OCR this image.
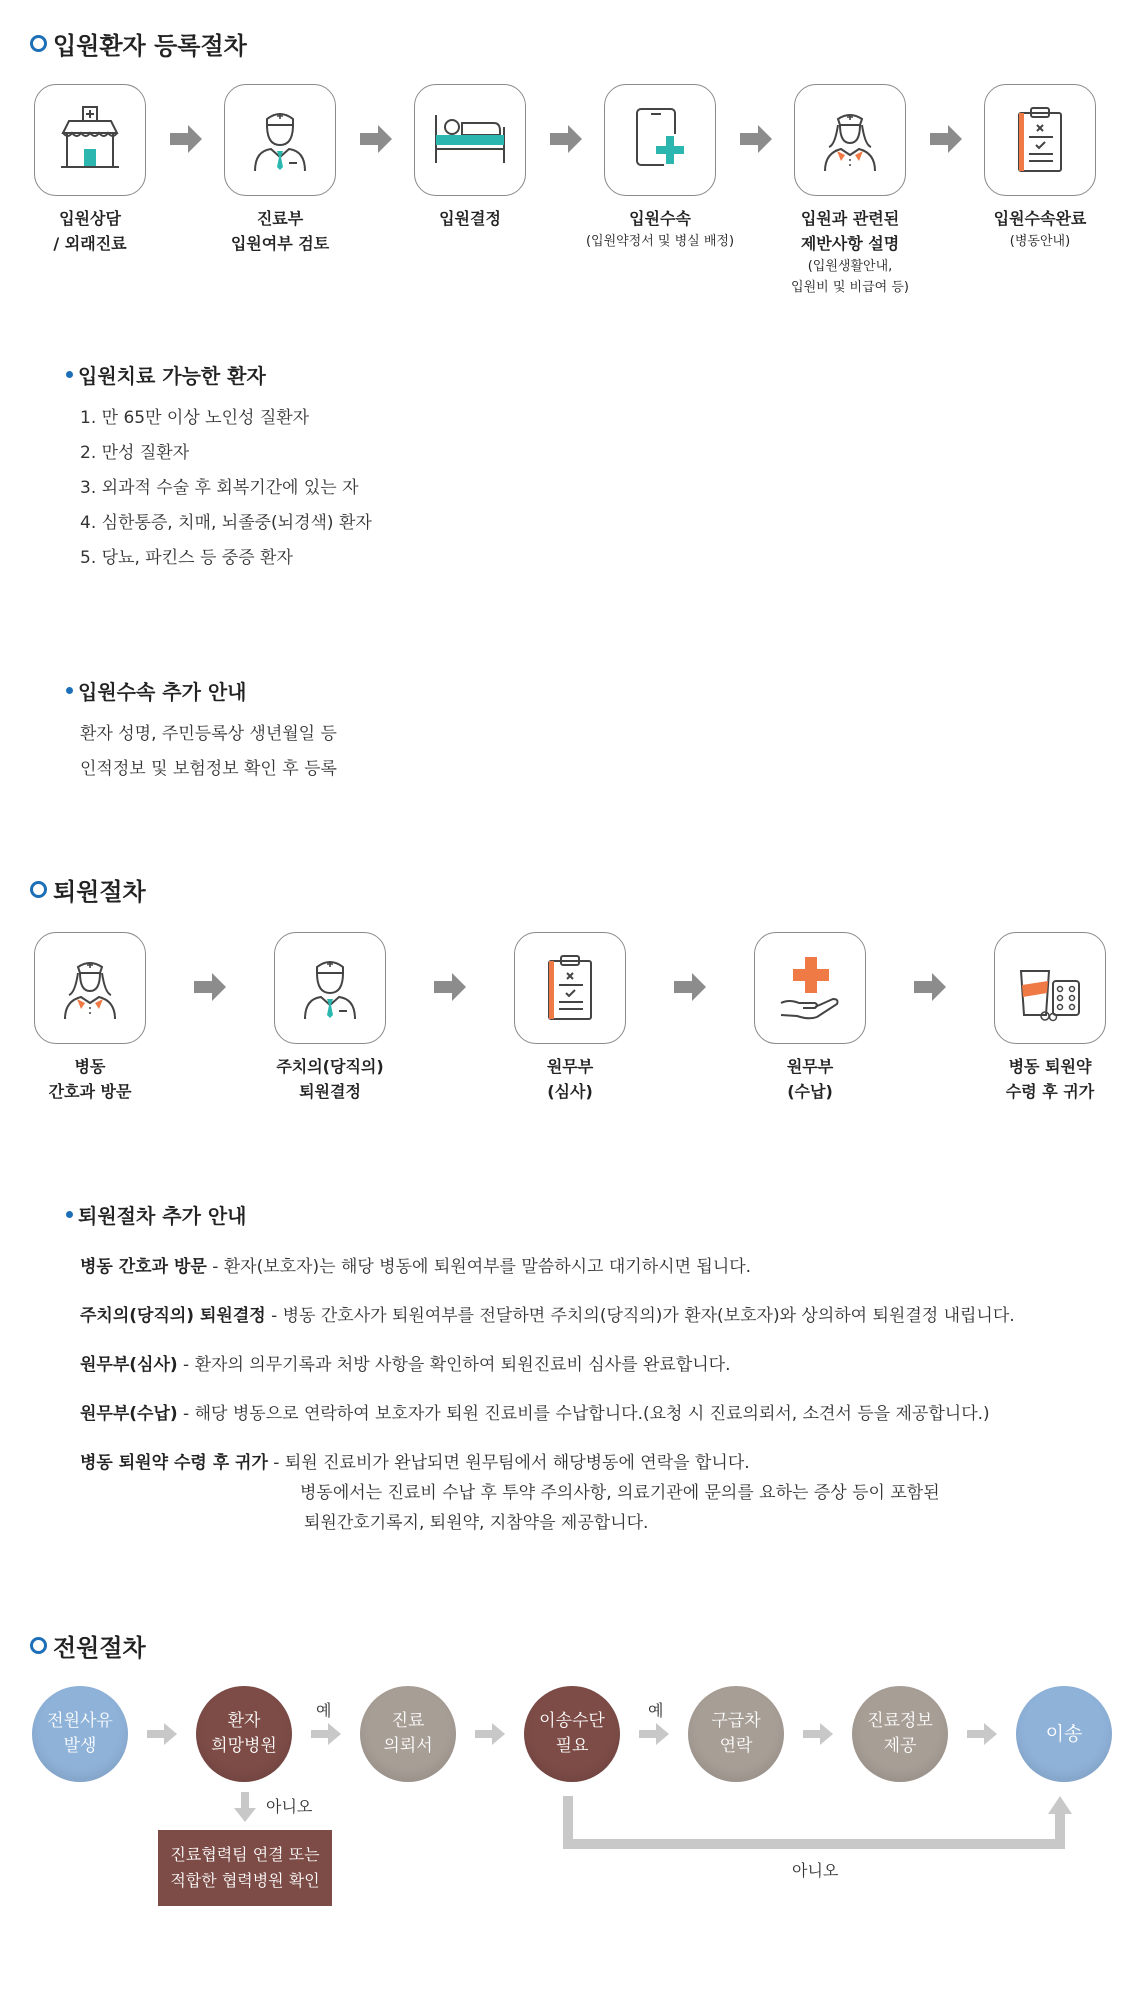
입원환자 등록절차
입원상담
/ 외래진료
진료부
입원여부 검토
입원결정	입원수속
(입원약정서 및 병실 배정)
입원과 관련된
제반사항 설명
(입원생활안내,
입원비 및 비급여 등)
입원수속완료
(병동안내)
입원치료 가능한 환자
1. 만 65만 이상 노인성 질환자
2. 만성 질환자
3. 외과적 수술 후 회복기간에 있는 자
4. 심한통증, 치매, 뇌졸중(뇌경색) 환자
5. 당뇨, 파킨스 등 중증 환자
입원수속 추가 안내
환자 성명, 주민등록상 생년월일 등
인적정보 및 보험정보 확인 후 등록
퇴원절차
병동
간호과 방문
주치의(당직의)
퇴원결정
원무부
(심사)
원무부
(수납)
병동 퇴원약
수령 후 귀가
퇴원절차 추가 안내
병동 간호과 방문 - 환자(보호자)는 해당 병동에 퇴원여부를 말씀하시고 대기하시면 됩니다.
주치의(당직의) 퇴원결정 - 병동 간호사가 퇴원여부를 전달하면 주치의(당직의)가 환자(보호자)와 상의하여 퇴원결정 내립니다.
원무부(심사) - 환자의 의무기록과 처방 사항을 확인하여 퇴원진료비 심사를 완료합니다.
원무부(수납) - 해당 병동으로 연락하여 보호자가 퇴원 진료비를 수납합니다.(요청 시 진료의뢰서, 소견서 등을 제공합니다.)
병동 퇴원약 수령 후 귀가 - 퇴원 진료비가 완납되면 원무팀에서 해당병동에 연락을 합니다.
병동에서는 진료비 수납 후 투약 주의사항, 의료기관에 문의를 요하는 증상 등이 포함된
퇴원간호기록지, 퇴원약, 지참약을 제공합니다.
전원절차
전원사유
발생
환자
희망병원
예
진료
의뢰서
이송수단
필요
예
구급차
연락
진료정보
제공
이송
아니오
진료협력팀 연결 또는
적합한 협력병원 확인
아니오
